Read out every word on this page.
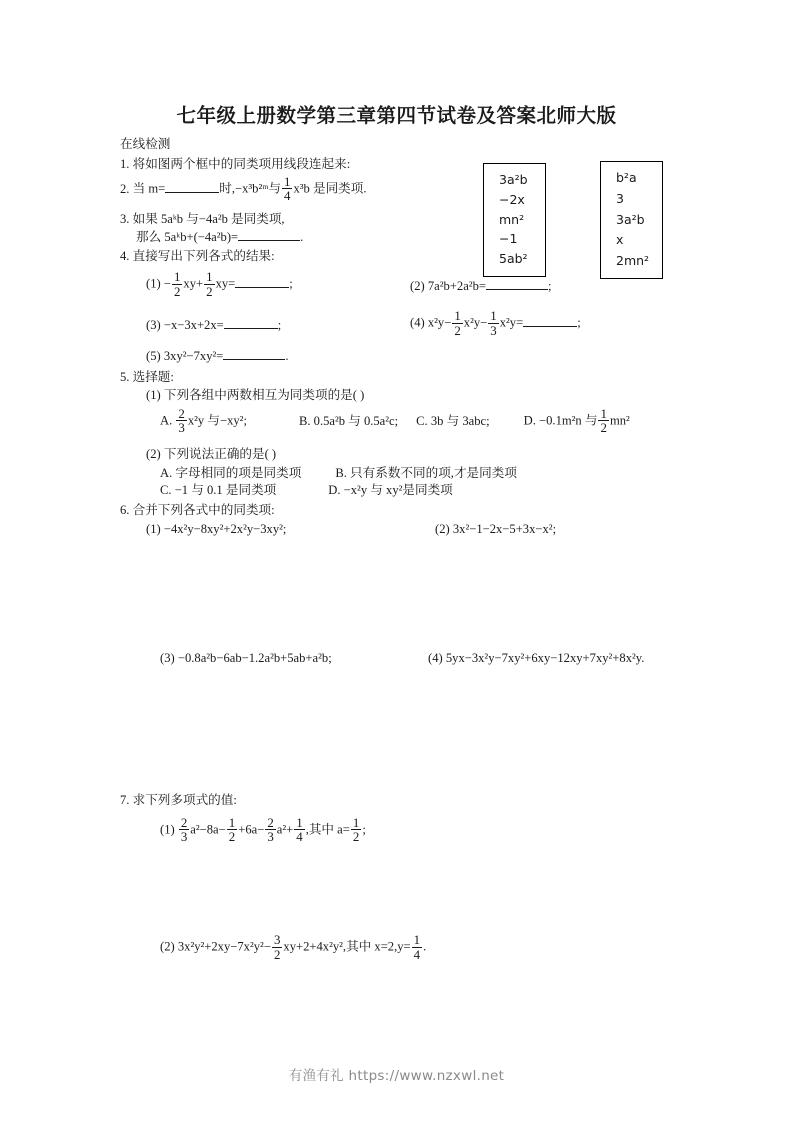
七年级上册数学第三章第四节试卷及答案北师大版
3a²b
−2x
mn²
−1
5ab²
b²a
3
3a²b
x
2mn²

在线检测

1. 将如图两个框中的同类项用线段连起来:

2. 当 m=	时,−x³b²ᵐ与 $\frac{1}{4} x^3b$ 是同类项.

3. 如果 5aᵏb 与−4a²b 是同类项,

那么 5aᵏb+(−4a²b)=	.

4. 直接写出下列各式的结果:

$(1) - \frac{1}{2} xy+ \frac{1}{2} xy=$	;	(2) 7a²b+2a²b=	;
(3) −x−3x+2x=	;	(4) $x^2y- \frac{1}{2} x^2y- \frac{1}{3} x^2y=$	;

(5) 3xy²−7xy²=	.

5. 选择题:

(1) 下列各组中两数相互为同类项的是( )

A. $\frac{2}{3} x^2y$ 与−xy²;	B. 0.5a²b 与 0.5a²c; C. 3b 与 3abc;	D. −0.1m²n 与 $\frac{1}{2} mn^2$

(2) 下列说法正确的是( )

A. 字母相同的项是同类项	B. 只有系数不同的项,才是同类项

C. −1 与 0.1 是同类项	D. −x²y 与 xy²是同类项

6. 合并下列各式中的同类项:

(1) −4x²y−8xy²+2x²y−3xy²;	(2) 3x²−1−2x−5+3x−x²;
(3) −0.8a²b−6ab−1.2a²b+5ab+a²b;	(4) 5yx−3x²y−7xy²+6xy−12xy+7xy²+8x²y.

7. 求下列多项式的值:

$(1) \frac{2}{3} a^2-8a- \frac{1}{2} +6a- \frac{2}{3} a^2+ \frac{1}{4}$ ,其中 $a= \frac{1}{2}$ ;

(2) $3x^2y^2+2xy-7x^2y^2- \frac{3}{2} xy+2+4x^2y^2$,其中 $x=2,y= \frac{1}{4}$ .

有渔有礼 https://www.nzxwl.net
